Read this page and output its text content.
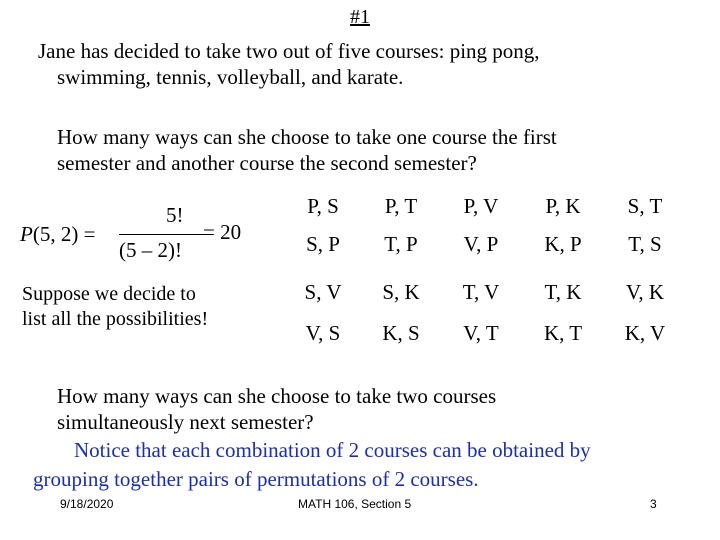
#1
Jane has decided to take two out of five courses: ping pong,
swimming, tennis, volleyball, and karate.
How many ways can she choose to take one course the first
semester and another course the second semester?
P(5, 2) =
5!
(5 – 2)!
= 20
Suppose we decide to
list all the possibilities!
P, S	P, T	P, V	P, K	S, T
S, P	T, P	V, P	K, P	T, S
S, V	S, K	T, V	T, K	V, K
V, S	K, S	V, T	K, T	K, V
How many ways can she choose to take two courses
simultaneously next semester?
Notice that each combination of 2 courses can be obtained by
grouping together pairs of permutations of 2 courses.
9/18/2020	MATH 106, Section 5	3
